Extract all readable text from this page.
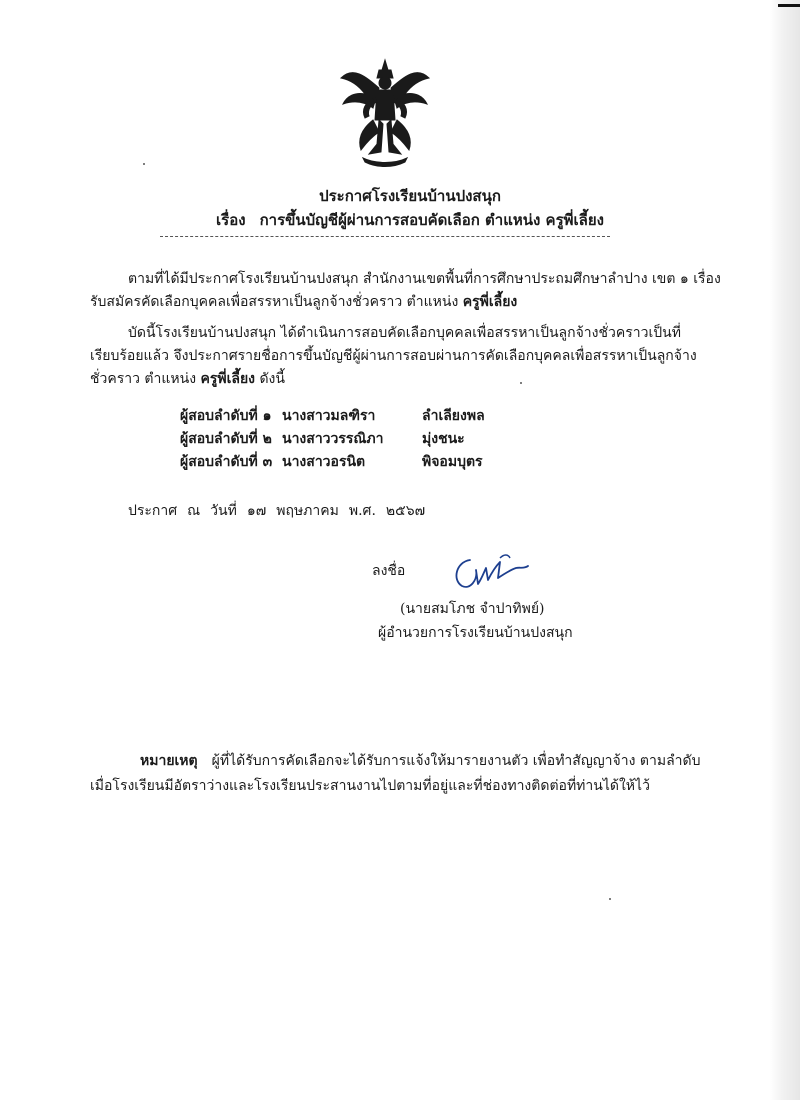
ประกาศโรงเรียนบ้านปงสนุก
เรื่อง การขึ้นบัญชีผู้ผ่านการสอบคัดเลือก ตำแหน่ง ครูพี่เลี้ยง
ตามที่ได้มีประกาศโรงเรียนบ้านปงสนุก สำนักงานเขตพื้นที่การศึกษาประถมศึกษาลำปาง เขต ๑ เรื่อง
รับสมัครคัดเลือกบุคคลเพื่อสรรหาเป็นลูกจ้างชั่วคราว ตำแหน่ง ครูพี่เลี้ยง
บัดนี้โรงเรียนบ้านปงสนุก ได้ดำเนินการสอบคัดเลือกบุคคลเพื่อสรรหาเป็นลูกจ้างชั่วคราวเป็นที่
เรียบร้อยแล้ว จึงประกาศรายชื่อการขึ้นบัญชีผู้ผ่านการสอบผ่านการคัดเลือกบุคคลเพื่อสรรหาเป็นลูกจ้าง
ชั่วคราว ตำแหน่ง ครูพี่เลี้ยง ดังนี้
ผู้สอบลำดับที่ ๑ นางสาวมลฑิรา	ลำเลียงพล
ผู้สอบลำดับที่ ๒ นางสาววรรณิภา	มุ่งชนะ
ผู้สอบลำดับที่ ๓ นางสาวอรนิต	พิจอมบุตร
ประกาศ ณ วันที่ ๑๗ พฤษภาคม พ.ศ. ๒๕๖๗
ลงชื่อ
(นายสมโภช จำปาทิพย์)
ผู้อำนวยการโรงเรียนบ้านปงสนุก
หมายเหตุ ผู้ที่ได้รับการคัดเลือกจะได้รับการแจ้งให้มารายงานตัว เพื่อทำสัญญาจ้าง ตามลำดับ
เมื่อโรงเรียนมีอัตราว่างและโรงเรียนประสานงานไปตามที่อยู่และที่ช่องทางติดต่อที่ท่านได้ให้ไว้
